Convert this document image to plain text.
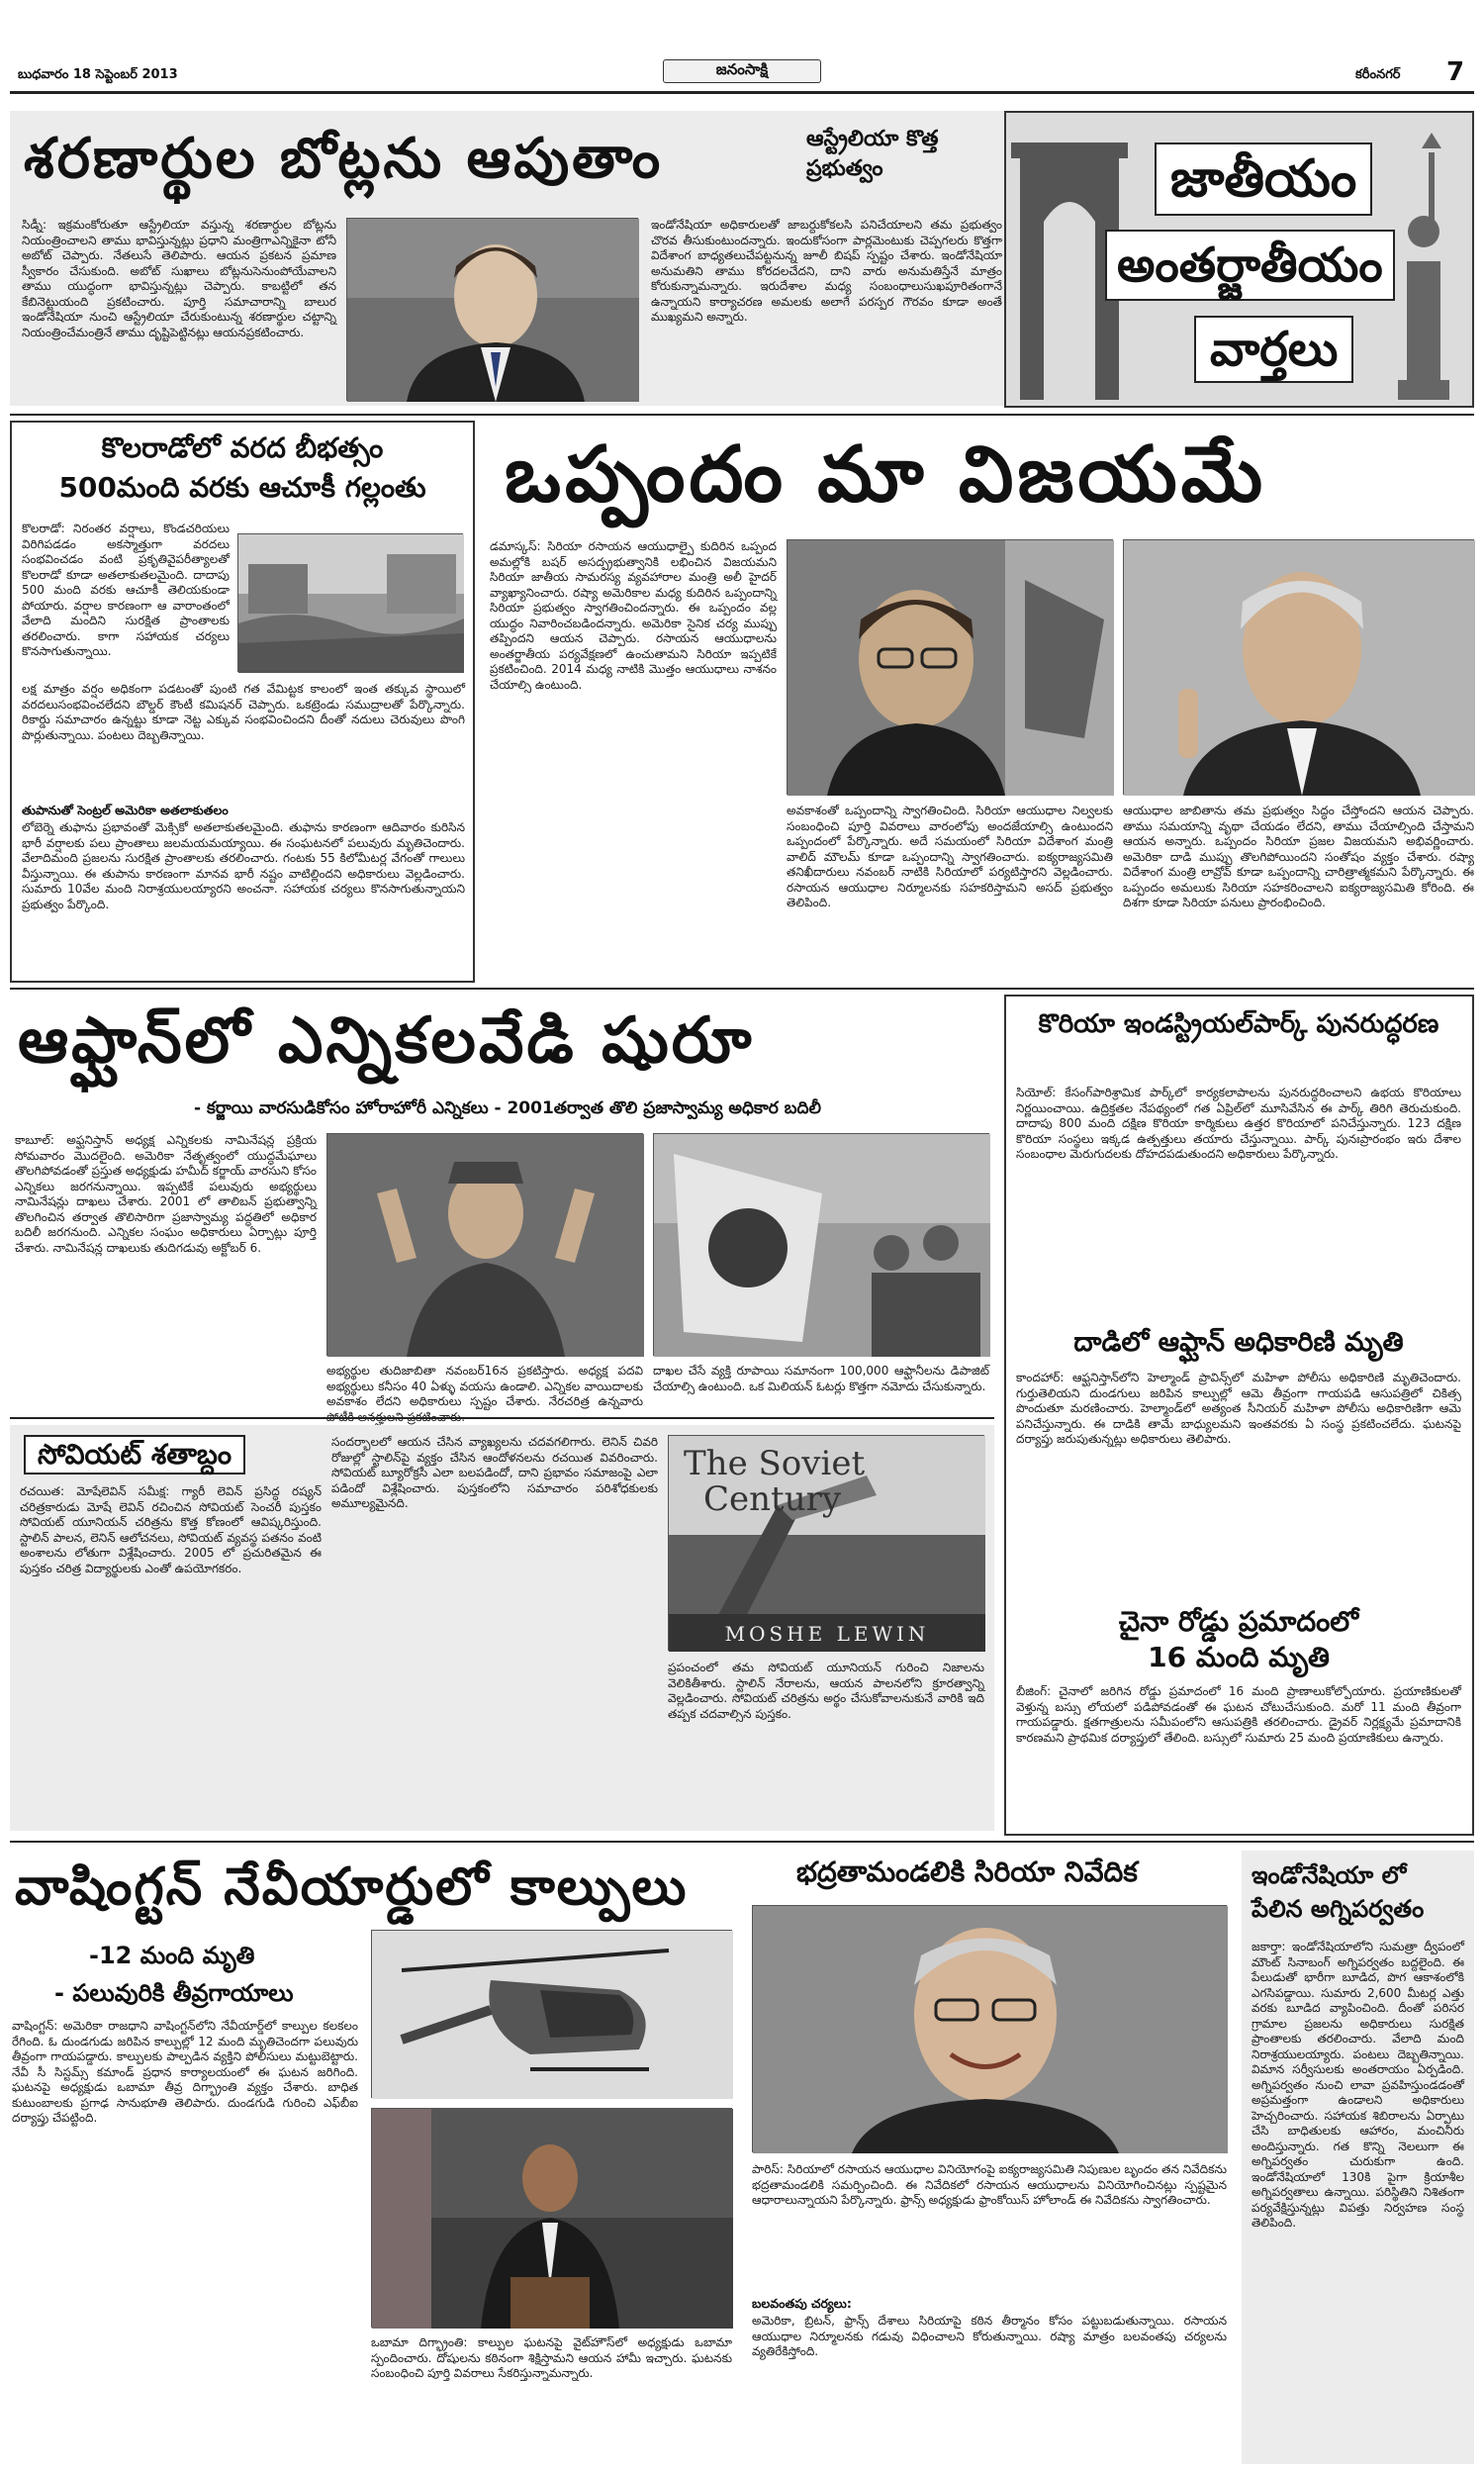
బుధవారం 18 సెప్టెంబర్ 2013	జనంసాక్షి	కరీంనగర్ 7
శరణార్థుల బోట్లను ఆపుతాం	ఆస్ట్రేలియా కొత్త ప్రభుత్వం
సిడ్నీ: ఇక్రమంకోరుతూ ఆస్ట్రేలియా వస్తున్న శరణార్ధుల బోట్లను నియంత్రించాలని తాము భావిస్తున్నట్లు ప్రధాని మంత్రిగాఎన్నికైనా టోనీ అబోట్ చెప్పారు. నేతలుసే తెలిపారు. ఆయన ప్రకటన ప్రమాణ స్వీకారం చేసుకుంది. అబోట్ సుఖాలు బోట్లనుసెనుంపోయేవాలని తాము యుద్ధంగా భావిస్తున్నట్లు చెప్పారు. కాబట్టిలో తన కేబినెట్టుయంది ప్రకటించారు. పూర్తి సమాచారాన్ని బాలుర ఇండోనేషియా నుంచి ఆస్ట్రేలియా చేరుకుంటున్న శరణార్థుల చట్టాన్ని నియంత్రించేమంత్రినే తాము దృష్టిపెట్టినట్లు ఆయనప్రకటించారు.
ఇండోనేషియా అధికారులతో జాబర్దుకోకలసి పనిచేయాలని తమ ప్రభుత్వం చొరవ తీసుకుంటుందన్నారు. ఇందుకోసంగా పార్లమెంటుకు చెప్పగలరు కొత్తగా విదేశాంగ బాధ్యతలుచేపట్టనున్న జూలీ బిషప్ స్పష్టం చేశారు. ఇండోనేషియా అనుమతిని తాము కోరదలచేదని, దాని వారు అనుమతిస్తేనే మాత్రం కోరుకున్నామన్నారు. ఇరుదేశాల మధ్య సంబంధాలుసుఖపూరితంగానే ఉన్నాయని కార్యాచరణ అమలకు అలాగే పరస్పర గౌరవం కూడా అంతే ముఖ్యమని అన్నారు.
జాతీయం
అంతర్జాతీయం
వార్తలు
కొలరాడోలో వరద బీభత్సం
500మంది వరకు ఆచూకీ గల్లంతు
కొలరాడో: నిరంతర వర్షాలు, కొండచరియలు విరిగిపడడం అకస్మాత్తుగా వరదలు సంభవించడం వంటి ప్రకృతివైపరీత్యాలతో కొలరాడో కూడా అతలాకుతలమైంది. దాదాపు 500 మంది వరకు ఆచూకీ తెలియకుండా పోయారు. వర్షాల కారణంగా ఆ వారాంతంలో వేలాది మందిని సురక్షిత ప్రాంతాలకు తరలించారు. కాగా సహాయక చర్యలు కొనసాగుతున్నాయి.
లక్ష మాత్రం వర్షం అధికంగా పడటంతో పుంటి గత వేమిట్టక కాలంలో ఇంత తక్కువ స్థాయిలో వరదలుసంభవించలేదని బౌల్డర్ కౌంటీ కమిషనర్ చెప్పారు. ఒకట్రెండు సముద్రాలతో పేర్కొన్నారు. రికార్డు సమాచారం ఉన్నట్టు కూడా నెట్ట ఎక్కువ సంభవించిందని దీంతో నదులు చెరువులు పొంగి పొర్లుతున్నాయి. పంటలు దెబ్బతిన్నాయి.
తుపానుతో సెంట్రల్ అమెరికా అతలాకుతలం
లోబెర్నె తుఫాను ప్రభావంతో మెక్సికో అతలాకుతలమైంది. తుఫాను కారణంగా ఆదివారం కురిసిన భారీ వర్షాలకు పలు ప్రాంతాలు జలమయమయ్యాయి. ఈ సంఘటనలో పలువురు మృతిచెందారు. వేలాదిమంది ప్రజలను సురక్షిత ప్రాంతాలకు తరలించారు. గంటకు 55 కిలోమీటర్ల వేగంతో గాలులు వీస్తున్నాయి. ఈ తుపాను కారణంగా మానవ భారీ నష్టం వాటిల్లిందని అధికారులు వెల్లడించారు. సుమారు 10వేల మంది నిరాశ్రయులయ్యారని అంచనా. సహాయక చర్యలు కొనసాగుతున్నాయని ప్రభుత్వం పేర్కొంది.
ఒప్పందం మా విజయమే
డమాస్కస్: సిరియా రసాయన ఆయుధాల్పై కుదిరిన ఒప్పంద అమల్లోకి బషర్ అసద్ప్రభుత్వానికి లభించిన విజయమని సిరియా జాతీయ సామరస్య వ్యవహారాల మంత్రి అలీ హైదర్ వ్యాఖ్యానించారు. రష్యా అమెరికాల మధ్య కుదిరిన ఒప్పందాన్ని సిరియా ప్రభుత్వం స్వాగతించిందన్నారు. ఈ ఒప్పందం వల్ల యుద్ధం నివారించబడిందన్నారు. అమెరికా సైనిక చర్య ముప్పు తప్పిందని ఆయన చెప్పారు. రసాయన ఆయుధాలను అంతర్జాతీయ పర్యవేక్షణలో ఉంచుతామని సిరియా ఇప్పటికే ప్రకటించింది. 2014 మధ్య నాటికి మొత్తం ఆయుధాలు నాశనం చేయాల్సి ఉంటుంది.
అవకాశంతో ఒప్పందాన్ని స్వాగతించింది. సిరియా ఆయుధాల నిల్వలకు సంబంధించి పూర్తి వివరాలు వారంలోపు అందజేయాల్సి ఉంటుందని ఒప్పందంలో పేర్కొన్నారు. అదే సమయంలో సిరియా విదేశాంగ మంత్రి వాలిద్ మౌలమ్ కూడా ఒప్పందాన్ని స్వాగతించారు. ఐక్యరాజ్యసమితి తనిఖీదారులు నవంబర్ నాటికి సిరియాలో పర్యటిస్తారని వెల్లడించారు. రసాయన ఆయుధాల నిర్మూలనకు సహకరిస్తామని అసద్ ప్రభుత్వం తెలిపింది.
ఆయుధాల జాబితాను తమ ప్రభుత్వం సిద్ధం చేస్తోందని ఆయన చెప్పారు. తాము సమయాన్ని వృథా చేయడం లేదని, తాము చేయాల్సింది చేస్తామని ఆయన అన్నారు. ఒప్పందం సిరియా ప్రజల విజయమని అభివర్ణించారు. అమెరికా దాడి ముప్పు తొలగిపోయిందని సంతోషం వ్యక్తం చేశారు. రష్యా విదేశాంగ మంత్రి లావ్రోవ్ కూడా ఒప్పందాన్ని చారిత్రాత్మకమని పేర్కొన్నారు. ఈ ఒప్పందం అమలుకు సిరియా సహకరించాలని ఐక్యరాజ్యసమితి కోరింది. ఈ దిశగా కూడా సిరియా పనులు ప్రారంభించింది.
ఆఫ్ఘాన్‌లో ఎన్నికలవేడి షురూ
- కర్జాయి వారసుడికోసం హోరాహోరీ ఎన్నికలు - 2001తర్వాత తొలి ప్రజాస్వామ్య అధికార బదిలీ
కాబూల్: అఫ్ఘనిస్తాన్ అధ్యక్ష ఎన్నికలకు నామినేషన్ల ప్రక్రియ సోమవారం మొదలైంది. అమెరికా నేతృత్వంలో యుద్ధమేఘాలు తొలగిపోవడంతో ప్రస్తుత అధ్యక్షుడు హమీద్ కర్జాయ్ వారసుని కోసం ఎన్నికలు జరగనున్నాయి. ఇప్పటికే పలువురు అభ్యర్థులు నామినేషన్లు దాఖలు చేశారు. 2001 లో తాలిబన్ ప్రభుత్వాన్ని తొలగించిన తర్వాత తొలిసారిగా ప్రజాస్వామ్య పద్ధతిలో అధికార బదిలీ జరగనుంది. ఎన్నికల సంఘం అధికారులు ఏర్పాట్లు పూర్తి చేశారు. నామినేషన్ల దాఖలుకు తుదిగడువు అక్టోబర్ 6.
అభ్యర్థుల తుదిజాబితా నవంబర్16న ప్రకటిస్తారు. అధ్యక్ష పదవి అభ్యర్థులు కనీసం 40 ఏళ్ళు వయసు ఉండాలి. ఎన్నికల వాయిదాలకు అవకాశం లేదని అధికారులు స్పష్టం చేశారు. నేరచరిత్ర ఉన్నవారు
దాఖల చేసే వ్యక్తి రూపాయి సమానంగా 100,000 ఆఫ్ఘానీలను డిపాజిట్ చేయాల్సి ఉంటుంది. ఒక మిలియన్ ఓటర్లు కొత్తగా నమోదు చేసుకున్నారు.
కొరియా ఇండస్ట్రియల్‌పార్క్ పునరుద్ధరణ
సియోల్: కేసంగ్‌పారిశ్రామిక పార్క్‌లో కార్యకలాపాలను పునరుద్ధరించాలని ఉభయ కొరియాలు నిర్ణయించాయి. ఉద్రిక్తతల నేపథ్యంలో గత ఏప్రిల్‌లో మూసివేసిన ఈ పార్క్ తిరిగి తెరుచుకుంది. దాదాపు 800 మంది దక్షిణ కొరియా కార్మికులు ఉత్తర కొరియాలో పనిచేస్తున్నారు. 123 దక్షిణ కొరియా సంస్థలు ఇక్కడ ఉత్పత్తులు తయారు చేస్తున్నాయి. పార్క్ పునఃప్రారంభం ఇరు దేశాల సంబంధాల మెరుగుదలకు దోహదపడుతుందని అధికారులు పేర్కొన్నారు.
దాడిలో ఆఫ్ఘాన్ అధికారిణి మృతి
కాందహార్: ఆఫ్ఘనిస్తాన్‌లోని హెల్మాండ్ ప్రావిన్స్‌లో మహిళా పోలీసు అధికారిణి మృతిచెందారు. గుర్తుతెలియని దుండగులు జరిపిన కాల్పుల్లో ఆమె తీవ్రంగా గాయపడి ఆసుపత్రిలో చికిత్స పొందుతూ మరణించారు. హెల్మాండ్‌లో అత్యంత సీనియర్ మహిళా పోలీసు అధికారిణిగా ఆమె పనిచేస్తున్నారు. ఈ దాడికి తామే బాధ్యులమని ఇంతవరకు ఏ సంస్థ ప్రకటించలేదు. ఘటనపై దర్యాప్తు జరుపుతున్నట్లు అధికారులు తెలిపారు.
చైనా రోడ్డు ప్రమాదంలో
16 మంది మృతి
బీజింగ్: చైనాలో జరిగిన రోడ్డు ప్రమాదంలో 16 మంది ప్రాణాలుకోల్పోయారు. ప్రయాణికులతో వెళ్తున్న బస్సు లోయలో పడిపోవడంతో ఈ ఘటన చోటుచేసుకుంది. మరో 11 మంది తీవ్రంగా గాయపడ్డారు. క్షతగాత్రులను సమీపంలోని ఆసుపత్రికి తరలించారు. డ్రైవర్ నిర్లక్ష్యమే ప్రమాదానికి కారణమని ప్రాథమిక దర్యాప్తులో తేలింది. బస్సులో సుమారు 25 మంది ప్రయాణికులు ఉన్నారు.
సోవియట్ శతాబ్దం
రచయిత: మోషేలెవిన్ సమీక్ష: గ్యారీ లెవిన్ ప్రసిద్ధ రష్యన్ చరిత్రకారుడు మోషే లెవిన్ రచించిన సోవియట్ సెంచరీ పుస్తకం సోవియట్ యూనియన్ చరిత్రను కొత్త కోణంలో ఆవిష్కరిస్తుంది. స్టాలిన్ పాలన, లెనిన్ ఆలోచనలు, సోవియట్ వ్యవస్థ పతనం వంటి అంశాలను లోతుగా విశ్లేషించారు. 2005 లో ప్రచురితమైన ఈ పుస్తకం చరిత్ర విద్యార్థులకు ఎంతో ఉపయోగకరం.
సందర్భాలలో ఆయన చేసిన వ్యాఖ్యలను చదవగలిగారు. లెనిన్ చివరి రోజుల్లో స్టాలిన్‌పై వ్యక్తం చేసిన ఆందోళనలను రచయిత వివరించారు. సోవియట్ బ్యూరోక్రసీ ఎలా బలపడిందో, దాని ప్రభావం సమాజంపై ఎలా పడిందో విశ్లేషించారు. పుస్తకంలోని సమాచారం పరిశోధకులకు అమూల్యమైనది.
The Soviet
Century
MOSHE LEWIN
ప్రపంచంలో తమ సోవియట్ యూనియన్ గురించి నిజాలను వెలికితీశారు. స్టాలిన్ నేరాలను, ఆయన పాలనలోని క్రూరత్వాన్ని వెల్లడించారు. సోవియట్ చరిత్రను అర్థం చేసుకోవాలనుకునే వారికి ఇది తప్పక చదవాల్సిన పుస్తకం.
వాషింగ్టన్ నేవీయార్డులో కాల్పులు
-12 మంది మృతి
- పలువురికి తీవ్రగాయాలు
వాషింగ్టన్: అమెరికా రాజధాని వాషింగ్టన్‌లోని నేవీయార్డ్‌లో కాల్పుల కలకలం రేగింది. ఓ దుండగుడు జరిపిన కాల్పుల్లో 12 మంది మృతిచెందగా పలువురు తీవ్రంగా గాయపడ్డారు. కాల్పులకు పాల్పడిన వ్యక్తిని పోలీసులు మట్టుబెట్టారు. నేవీ సీ సిస్టమ్స్ కమాండ్ ప్రధాన కార్యాలయంలో ఈ ఘటన జరిగింది. ఘటనపై అధ్యక్షుడు ఒబామా తీవ్ర దిగ్భ్రాంతి వ్యక్తం చేశారు. బాధిత కుటుంబాలకు ప్రగాఢ సానుభూతి తెలిపారు. దుండగుడి గురించి ఎఫ్‌బీఐ దర్యాప్తు చేపట్టింది.
ఒబామా దిగ్భ్రాంతి: కాల్పుల ఘటనపై వైట్‌హౌస్‌లో అధ్యక్షుడు ఒబామా స్పందించారు. దోషులను కఠినంగా శిక్షిస్తామని ఆయన హామీ ఇచ్చారు. ఘటనకు సంబంధించి పూర్తి వివరాలు సేకరిస్తున్నామన్నారు.
భద్రతామండలికి సిరియా నివేదిక
పారిస్: సిరియాలో రసాయన ఆయుధాల వినియోగంపై ఐక్యరాజ్యసమితి నిపుణుల బృందం తన నివేదికను భద్రతామండలికి సమర్పించింది. ఈ నివేదికలో రసాయన ఆయుధాలను వినియోగించినట్లు స్పష్టమైన ఆధారాలున్నాయని పేర్కొన్నారు. ఫ్రాన్స్ అధ్యక్షుడు ఫ్రాంకోయిస్ హోలాండ్ ఈ నివేదికను స్వాగతించారు.
బలవంతపు చర్యలు:
అమెరికా, బ్రిటన్, ఫ్రాన్స్ దేశాలు సిరియాపై కఠిన తీర్మానం కోసం పట్టుబడుతున్నాయి. రసాయన ఆయుధాల నిర్మూలనకు గడువు విధించాలని కోరుతున్నాయి. రష్యా మాత్రం బలవంతపు చర్యలను వ్యతిరేకిస్తోంది.
ఇండోనేషియా లో పేలిన అగ్నిపర్వతం
జకార్తా: ఇండోనేషియాలోని సుమత్రా ద్వీపంలో మౌంట్ సినాబంగ్ అగ్నిపర్వతం బద్దలైంది. ఈ పేలుడుతో భారీగా బూడిద, పొగ ఆకాశంలోకి ఎగసిపడ్డాయి. సుమారు 2,600 మీటర్ల ఎత్తు వరకు బూడిద వ్యాపించింది. దీంతో పరిసర గ్రామాల ప్రజలను అధికారులు సురక్షిత ప్రాంతాలకు తరలించారు. వేలాది మంది నిరాశ్రయులయ్యారు. పంటలు దెబ్బతిన్నాయి. విమాన సర్వీసులకు అంతరాయం ఏర్పడింది. అగ్నిపర్వతం నుంచి లావా ప్రవహిస్తుండడంతో అప్రమత్తంగా ఉండాలని అధికారులు హెచ్చరించారు. సహాయక శిబిరాలను ఏర్పాటు చేసి బాధితులకు ఆహారం, మంచినీరు అందిస్తున్నారు. గత కొన్ని నెలలుగా ఈ అగ్నిపర్వతం చురుకుగా ఉంది. ఇండోనేషియాలో 130కి పైగా క్రియాశీల అగ్నిపర్వతాలు ఉన్నాయి. పరిస్థితిని నిశితంగా పర్యవేక్షిస్తున్నట్లు విపత్తు నిర్వహణ సంస్థ తెలిపింది.
